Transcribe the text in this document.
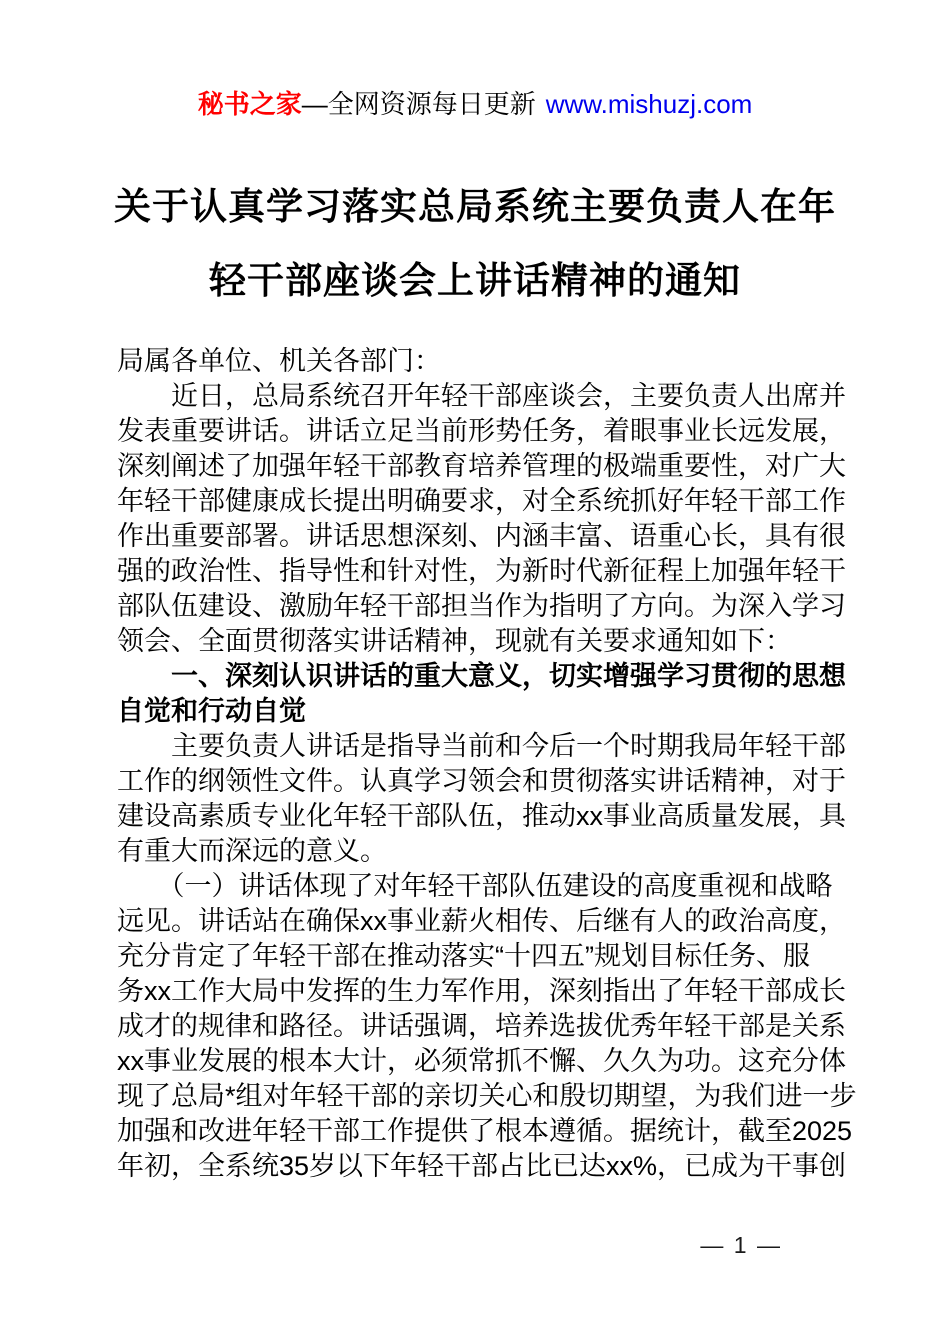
秘书之家—全网资源每日更新 www.mishuzj.com
关于认真学习落实总局系统主要负责人在年
轻干部座谈会上讲话精神的通知
局属各单位、机关各部门：
　　近日，总局系统召开年轻干部座谈会，主要负责人出席并
发表重要讲话。讲话立足当前形势任务，着眼事业长远发展，
深刻阐述了加强年轻干部教育培养管理的极端重要性，对广大
年轻干部健康成长提出明确要求，对全系统抓好年轻干部工作
作出重要部署。讲话思想深刻、内涵丰富、语重心长，具有很
强的政治性、指导性和针对性，为新时代新征程上加强年轻干
部队伍建设、激励年轻干部担当作为指明了方向。为深入学习
领会、全面贯彻落实讲话精神，现就有关要求通知如下：
　　一、深刻认识讲话的重大意义，切实增强学习贯彻的思想
自觉和行动自觉
　　主要负责人讲话是指导当前和今后一个时期我局年轻干部
工作的纲领性文件。认真学习领会和贯彻落实讲话精神，对于
建设高素质专业化年轻干部队伍，推动xx事业高质量发展，具
有重大而深远的意义。
　　（一）讲话体现了对年轻干部队伍建设的高度重视和战略
远见。讲话站在确保xx事业薪火相传、后继有人的政治高度，
充分肯定了年轻干部在推动落实“十四五”规划目标任务、服
务xx工作大局中发挥的生力军作用，深刻指出了年轻干部成长
成才的规律和路径。讲话强调，培养选拔优秀年轻干部是关系
xx事业发展的根本大计，必须常抓不懈、久久为功。这充分体
现了总局*组对年轻干部的亲切关心和殷切期望，为我们进一步
加强和改进年轻干部工作提供了根本遵循。据统计，截至2025
年初，全系统35岁以下年轻干部占比已达xx%，已成为干事创
— 1 —
